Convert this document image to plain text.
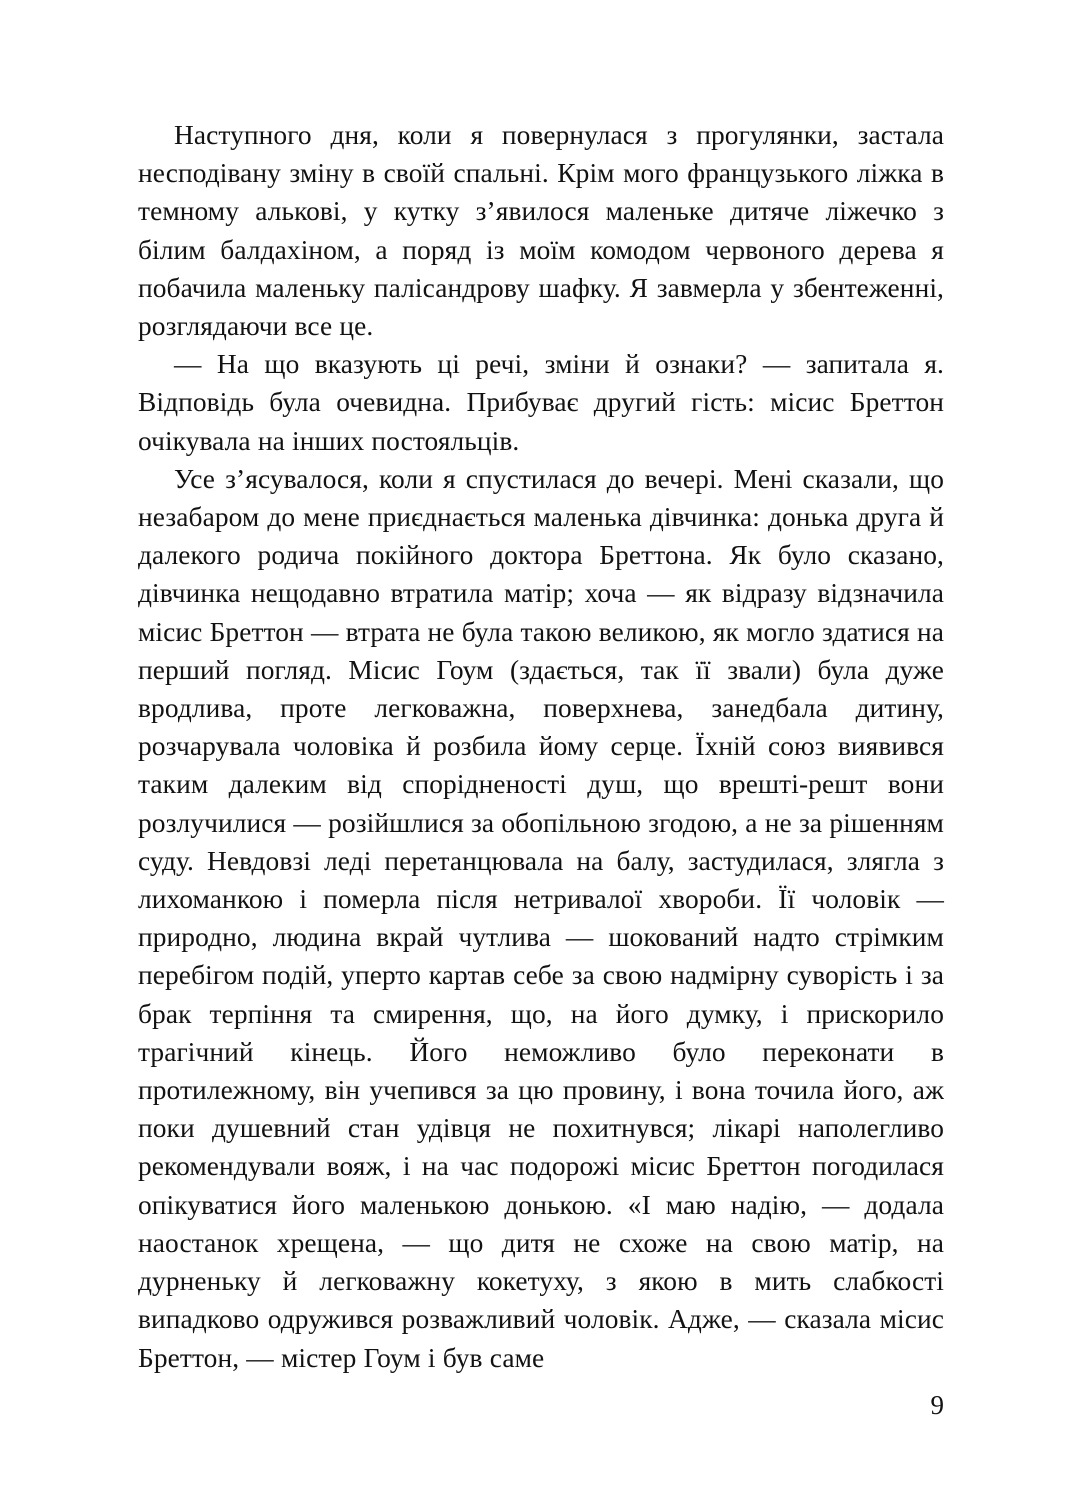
Наступного дня, коли я повернулася з прогулянки, застала несподівану зміну в своїй спальні. Крім мого французького ліжка в темному алькові, у кутку з’явилося маленьке дитяче ліжечко з білим балдахіном, а поряд із моїм комодом червоного дерева я побачила маленьку палісандрову шафку. Я завмерла у збентеженні, розглядаючи все це.

— На що вказують ці речі, зміни й ознаки? — запитала я. Відповідь була очевидна. Прибуває другий гість: місис Бреттон очікувала на інших постояльців.

Усе з’ясувалося, коли я спустилася до вечері. Мені сказали, що незабаром до мене приєднається маленька дівчинка: донька друга й далекого родича покійного доктора Бреттона. Як було сказано, дівчинка нещодавно втратила матір; хоча — як відразу відзначила місис Бреттон — втрата не була такою великою, як могло здатися на перший погляд. Місис Гоум (здається, так її звали) була дуже вродлива, проте легковажна, поверхнева, занедбала дитину, розчарувала чоловіка й розбила йому серце. Їхній союз виявився таким далеким від спорідненості душ, що врешті-решт вони розлучилися — розійшлися за обопільною згодою, а не за рішенням суду. Невдовзі леді перетанцювала на балу, застудилася, злягла з лихоманкою і померла після нетривалої хвороби. Її чоловік — природно, людина вкрай чутлива — шокований надто стрімким перебігом подій, уперто картав себе за свою надмірну суворість і за брак терпіння та смирення, що, на його думку, і прискорило трагічний кінець. Його неможливо було переконати в протилежному, він учепився за цю провину, і вона точила його, аж поки душевний стан удівця не похитнувся; лікарі наполегливо рекомендували вояж, і на час подорожі місис Бреттон погодилася опікуватися його маленькою донькою. «І маю надію, — додала наостанок хрещена, — що дитя не схоже на свою матір, на дурненьку й легковажну кокетуху, з якою в мить слабкості випадково одружився розважливий чоловік. Адже, — сказала місис Бреттон, — містер Гоум і був саме

9
